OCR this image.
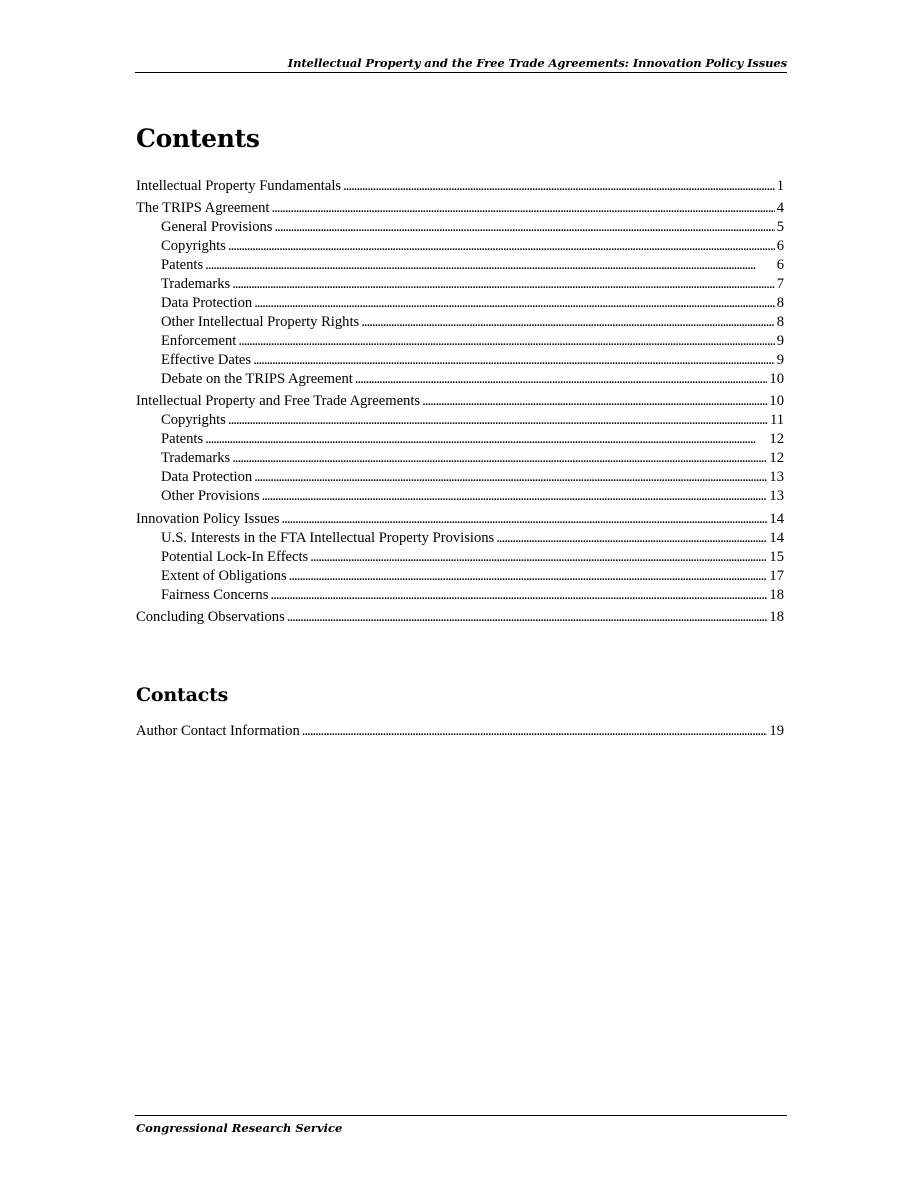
Intellectual Property and the Free Trade Agreements: Innovation Policy Issues
Contents
Intellectual Property Fundamentals . . .	1
The TRIPS Agreement . . .	4
General Provisions . . .	5
Copyrights . . .	6
Patents . . .	6
Trademarks . . .	7
Data Protection . . .	8
Other Intellectual Property Rights . . .	8
Enforcement . . .	9
Effective Dates . . .	9
Debate on the TRIPS Agreement . . .	10
Intellectual Property and Free Trade Agreements . . .	10
Copyrights . . .	11
Patents . . .	12
Trademarks . . .	12
Data Protection . . .	13
Other Provisions . . .	13
Innovation Policy Issues . . .	14
U.S. Interests in the FTA Intellectual Property Provisions . . .	14
Potential Lock-In Effects . . .	15
Extent of Obligations . . .	17
Fairness Concerns . . .	18
Concluding Observations . . .	18
Contacts
Author Contact Information . . .	19
Congressional Research Service
